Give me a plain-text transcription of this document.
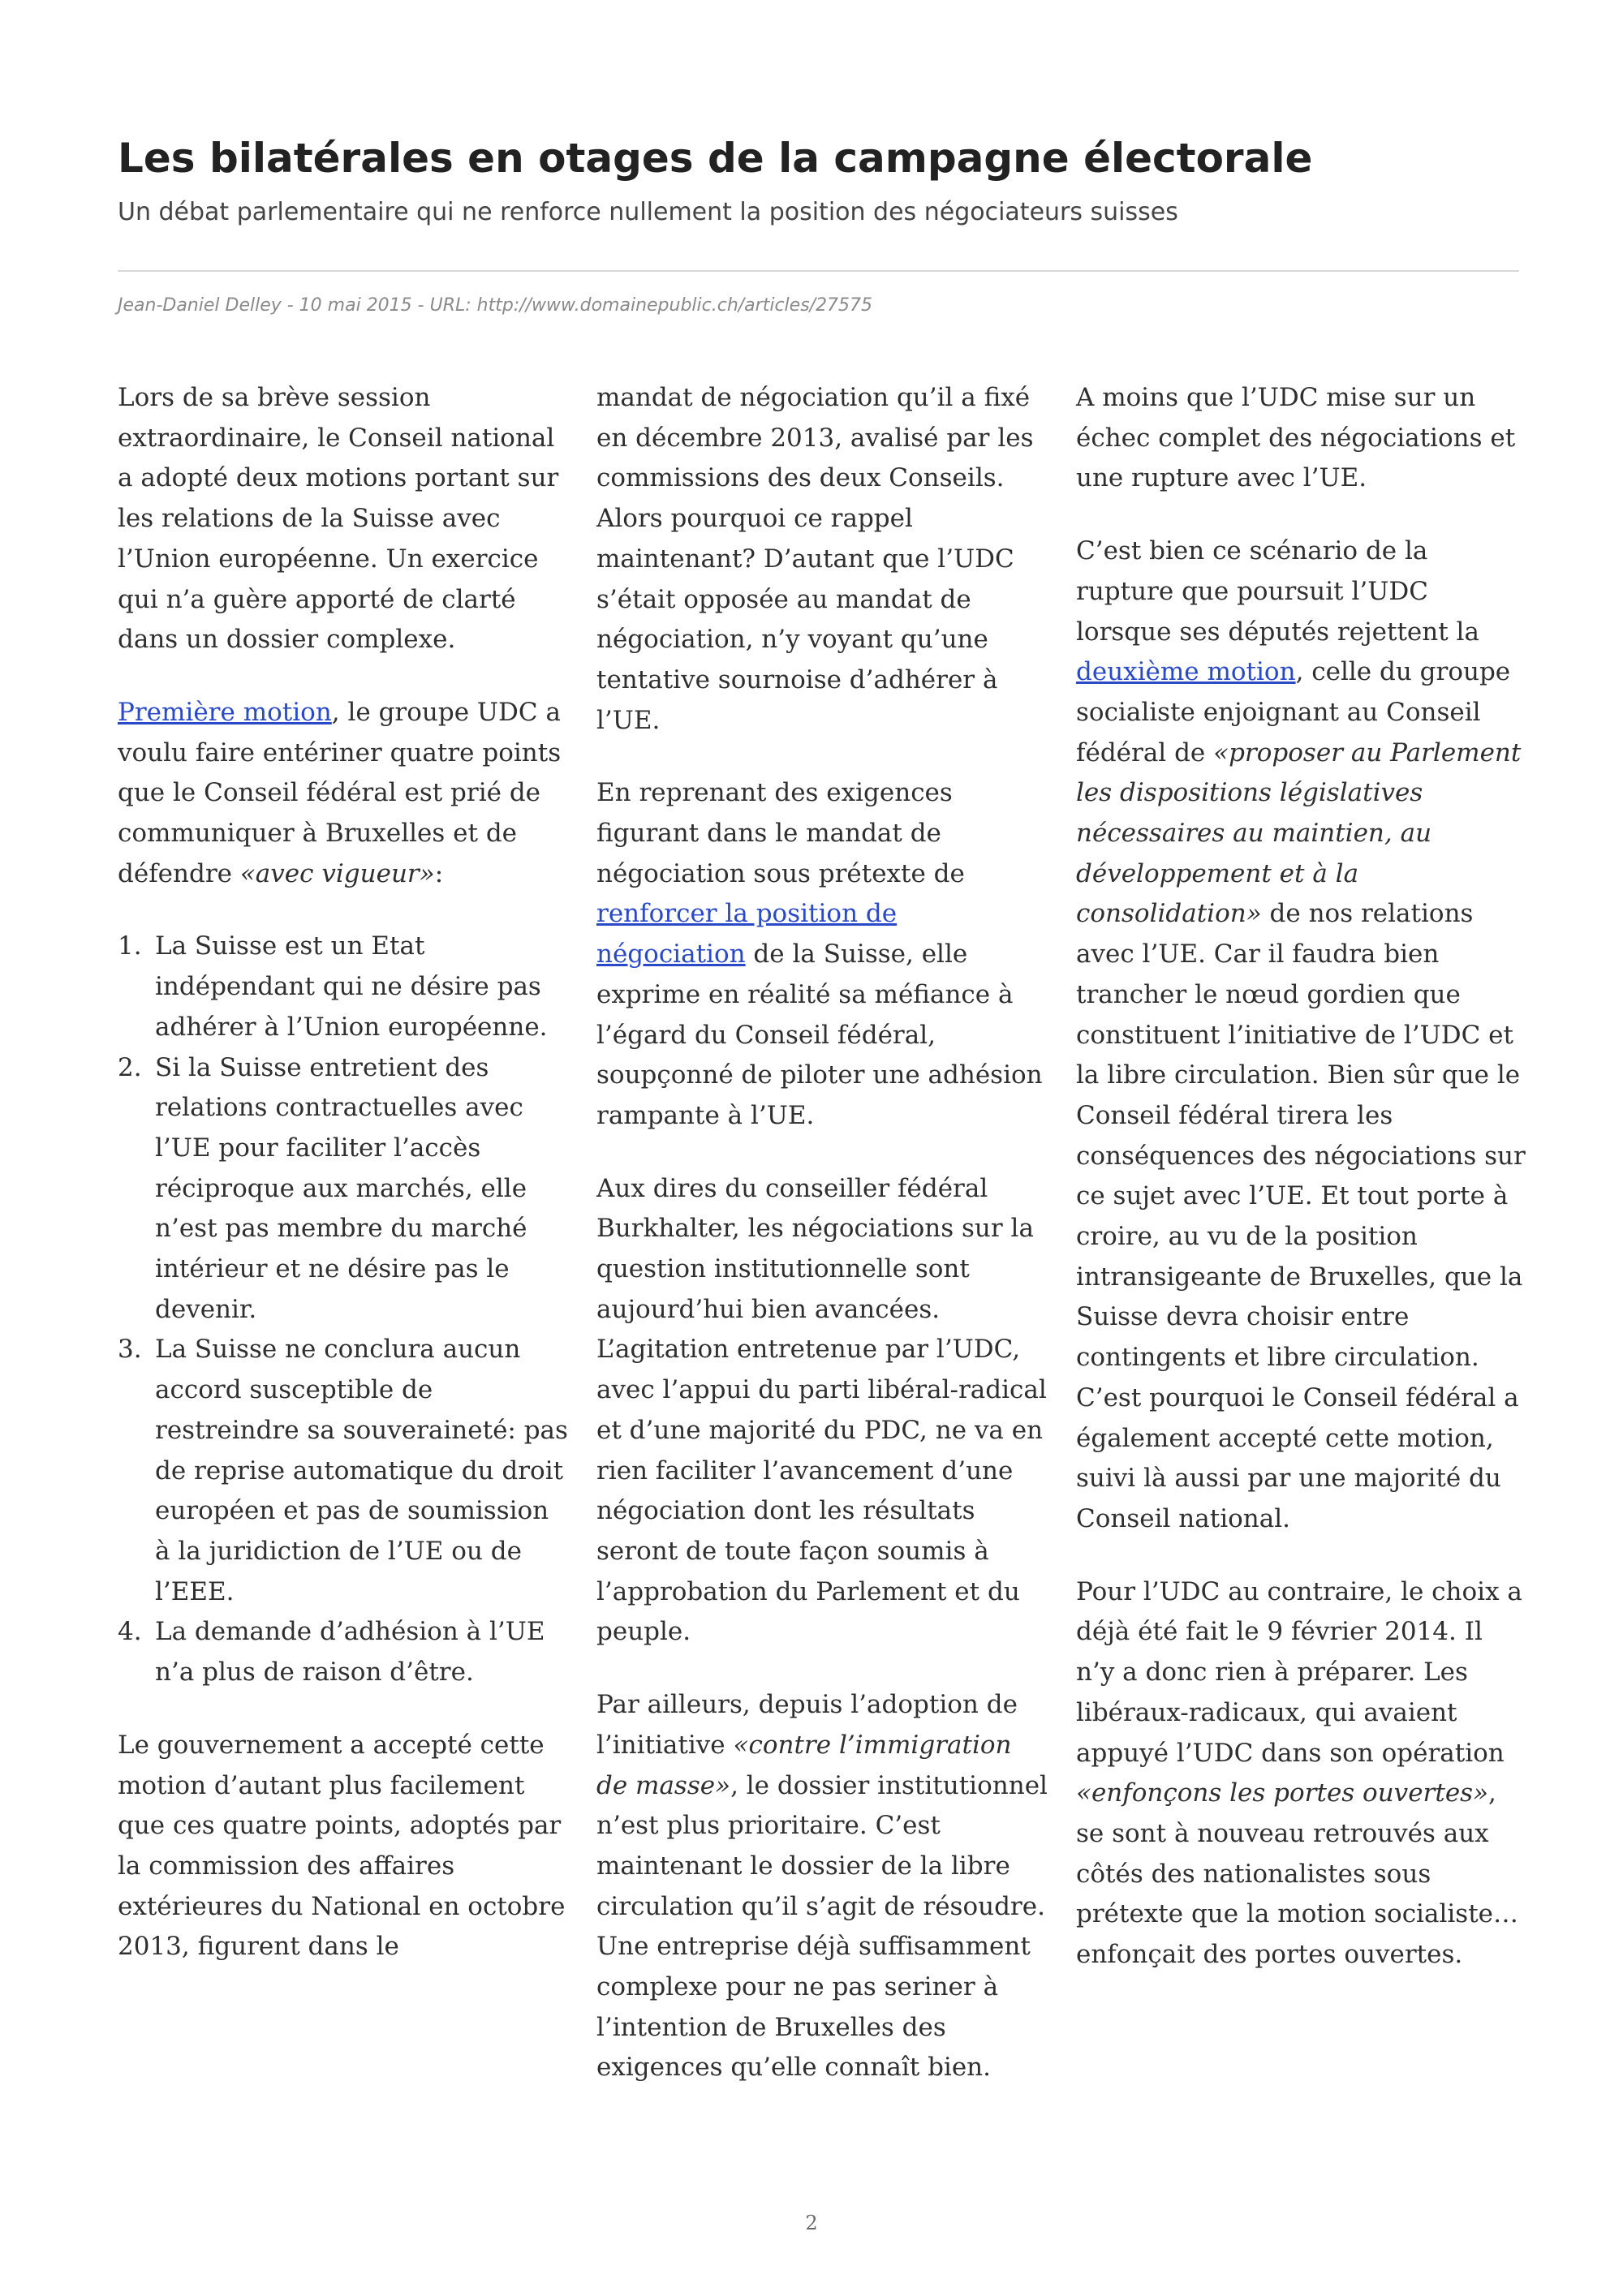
Les bilatérales en otages de la campagne électorale
Un débat parlementaire qui ne renforce nullement la position des négociateurs suisses
Jean-Daniel Delley - 10 mai 2015 - URL: http://www.domainepublic.ch/articles/27575

Lors de sa brève session extraordinaire, le Conseil national a adopté deux motions portant sur les relations de la Suisse avec l’Union européenne. Un exercice qui n’a guère apporté de clarté dans un dossier complexe.

Première motion, le groupe UDC a voulu faire entériner quatre points que le Conseil fédéral est prié de communiquer à Bruxelles et de défendre «avec vigueur»:

1. La Suisse est un Etat indépendant qui ne désire pas adhérer à l’Union européenne.
2. Si la Suisse entretient des relations contractuelles avec l’UE pour faciliter l’accès réciproque aux marchés, elle n’est pas membre du marché intérieur et ne désire pas le devenir.
3. La Suisse ne conclura aucun accord susceptible de restreindre sa souveraineté: pas de reprise automatique du droit européen et pas de soumission à la juridiction de l’UE ou de l’EEE.
4. La demande d’adhésion à l’UE n’a plus de raison d’être.

Le gouvernement a accepté cette motion d’autant plus facilement que ces quatre points, adoptés par la commission des affaires extérieures du National en octobre 2013, figurent dans le

mandat de négociation qu’il a fixé en décembre 2013, avalisé par les commissions des deux Conseils. Alors pourquoi ce rappel maintenant? D’autant que l’UDC s’était opposée au mandat de négociation, n’y voyant qu’une tentative sournoise d’adhérer à l’UE.

En reprenant des exigences figurant dans le mandat de négociation sous prétexte de renforcer la position de négociation de la Suisse, elle exprime en réalité sa méfiance à l’égard du Conseil fédéral, soupçonné de piloter une adhésion rampante à l’UE.

Aux dires du conseiller fédéral Burkhalter, les négociations sur la question institutionnelle sont aujourd’hui bien avancées. L’agitation entretenue par l’UDC, avec l’appui du parti libéral-radical et d’une majorité du PDC, ne va en rien faciliter l’avancement d’une négociation dont les résultats seront de toute façon soumis à l’approbation du Parlement et du peuple.

Par ailleurs, depuis l’adoption de l’initiative «contre l’immigration de masse», le dossier institutionnel n’est plus prioritaire. C’est maintenant le dossier de la libre circulation qu’il s’agit de résoudre. Une entreprise déjà suffisamment complexe pour ne pas seriner à l’intention de Bruxelles des exigences qu’elle connaît bien.

A moins que l’UDC mise sur un échec complet des négociations et une rupture avec l’UE.

C’est bien ce scénario de la rupture que poursuit l’UDC lorsque ses députés rejettent la deuxième motion, celle du groupe socialiste enjoignant au Conseil fédéral de «proposer au Parlement les dispositions législatives nécessaires au maintien, au développement et à la consolidation» de nos relations avec l’UE. Car il faudra bien trancher le nœud gordien que constituent l’initiative de l’UDC et la libre circulation. Bien sûr que le Conseil fédéral tirera les conséquences des négociations sur ce sujet avec l’UE. Et tout porte à croire, au vu de la position intransigeante de Bruxelles, que la Suisse devra choisir entre contingents et libre circulation. C’est pourquoi le Conseil fédéral a également accepté cette motion, suivi là aussi par une majorité du Conseil national.

Pour l’UDC au contraire, le choix a déjà été fait le 9 février 2014. Il n’y a donc rien à préparer. Les libéraux-radicaux, qui avaient appuyé l’UDC dans son opération «enfonçons les portes ouvertes», se sont à nouveau retrouvés aux côtés des nationalistes sous prétexte que la motion socialiste… enfonçait des portes ouvertes.

2
